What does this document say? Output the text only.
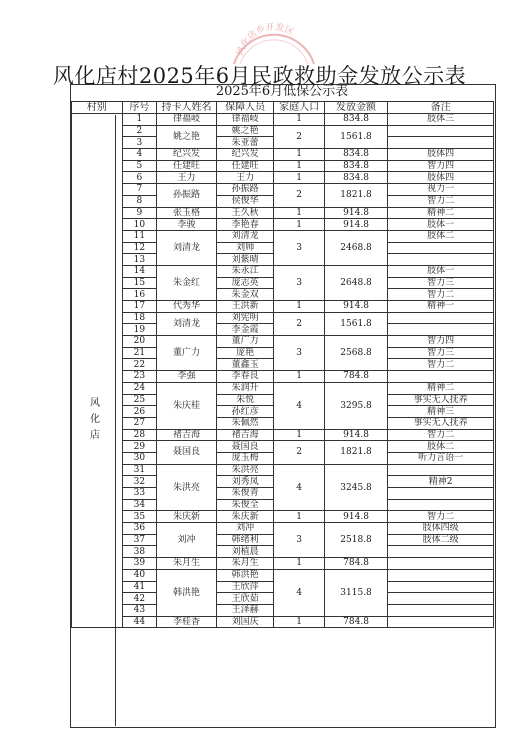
风化店乡开发区
风化店村2025年6月民政救助金发放公示表
2025年6月低保公示表
村别	序号	持卡人姓名	保障人员	家庭人口	发放金额	备注
	1	律福岐	律福岐	1	834.8	肢体三
	2	姚之艳	姚之艳	2	1561.8	
	3		朱亚蕾			
	4	纪兴发	纪兴发	1	834.8	肢体四
	5	任建旺	任建旺	1	834.8	智力四
	6	王力	王力	1	834.8	肢体四
	7	孙振路	孙振路	2	1821.8	视力一
	8		侯俊华			智力二
	9	张玉格	王久秋	1	914.8	精神二
	10	李骏	李艳春	1	914.8	肢体一
	11	刘清龙	刘清龙	3	2468.8	肢体二
	12		刘帅			
	13		刘紫晴			
	14	朱金红	朱永江	3	2648.8	肢体一
	15		庞志英			智力三
	16		朱金双			智力二
	17	代秀华	王洪新	1	914.8	精神一
	18	刘清龙	刘宪明	2	1561.8	
	19		李金霞			
	20	董广力	董广力	3	2568.8	智力四
	21		庞艳			智力三
	22		董鑫玉			智力二
	23	李强	李春良	1	784.8	
	24	朱庆桂	朱润升	4	3295.8	精神二
	25		朱悦			事实无人抚养
	26		孙红彦			精神三
	27		朱佩然			事实无人抚养
	28	褚吉海	褚吉海	1	914.8	智力二
	29	聂国良	聂国良	2	1821.8	肢体二
	30		庞玉梅			听力言语一
	31	朱洪亮	朱洪亮	4	3245.8	
	32		刘秀凤			精神2
	33		朱俊青			
	34		朱俊全			
	35	朱庆新	朱庆新	1	914.8	智力二
	36	刘冲	刘冲	3	2518.8	肢体四级
	37		韩绪利			肢体二级
	38		刘植晨			
	39	朱月生	朱月生	1	784.8	
	40	韩洪艳	韩洪艳	4	3115.8	
	41		王欣萍			
	42		王欣茹			
	43		王泽赫			
	44	李桂香	刘国庆	1	784.8	
风化店
